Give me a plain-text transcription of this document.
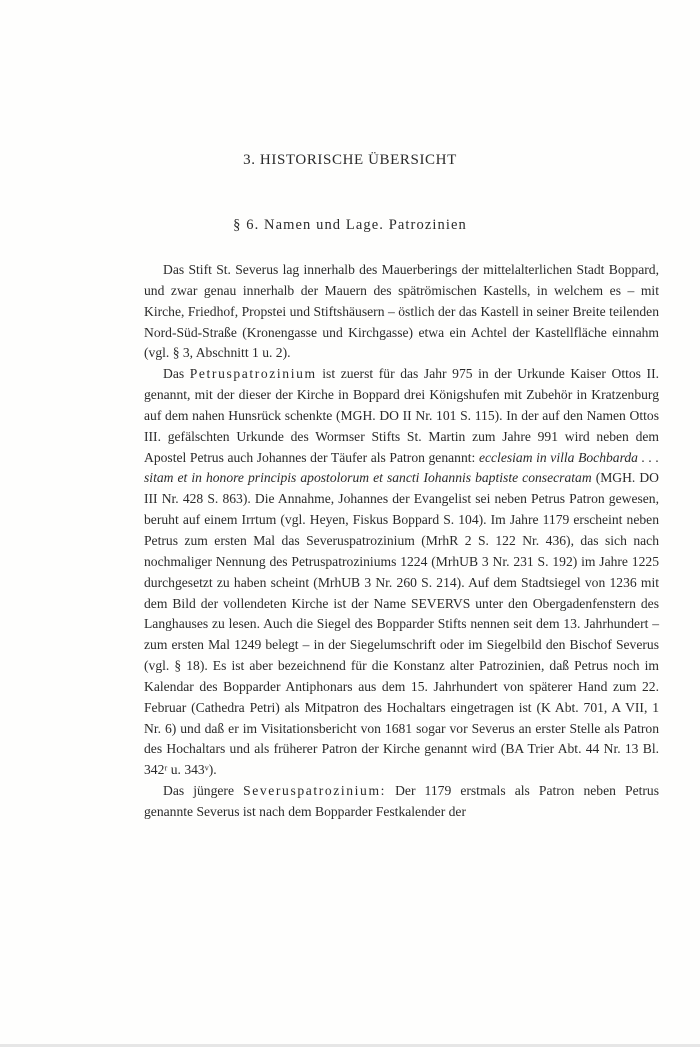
3. HISTORISCHE ÜBERSICHT
§ 6. Namen und Lage. Patrozinien

Das Stift St. Severus lag innerhalb des Mauerberings der mittelalterlichen Stadt Boppard, und zwar genau innerhalb der Mauern des spätrömischen Kastells, in welchem es – mit Kirche, Friedhof, Propstei und Stiftshäusern – östlich der das Kastell in seiner Breite teilenden Nord-Süd-Straße (Kronengasse und Kirchgasse) etwa ein Achtel der Kastellfläche einnahm (vgl. § 3, Abschnitt 1 u. 2).

Das Petruspatrozinium ist zuerst für das Jahr 975 in der Urkunde Kaiser Ottos II. genannt, mit der dieser der Kirche in Boppard drei Königshufen mit Zubehör in Kratzenburg auf dem nahen Hunsrück schenkte (MGH. DO II Nr. 101 S. 115). In der auf den Namen Ottos III. gefälschten Urkunde des Wormser Stifts St. Martin zum Jahre 991 wird neben dem Apostel Petrus auch Johannes der Täufer als Patron genannt: ecclesiam in villa Bochbarda . . . sitam et in honore principis apostolorum et sancti Iohannis baptiste consecratam (MGH. DO III Nr. 428 S. 863). Die Annahme, Johannes der Evangelist sei neben Petrus Patron gewesen, beruht auf einem Irrtum (vgl. Heyen, Fiskus Boppard S. 104). Im Jahre 1179 erscheint neben Petrus zum ersten Mal das Severuspatrozinium (MrhR 2 S. 122 Nr. 436), das sich nach nochmaliger Nennung des Petruspatroziniums 1224 (MrhUB 3 Nr. 231 S. 192) im Jahre 1225 durchgesetzt zu haben scheint (MrhUB 3 Nr. 260 S. 214). Auf dem Stadtsiegel von 1236 mit dem Bild der vollendeten Kirche ist der Name SEVERVS unter den Obergadenfenstern des Langhauses zu lesen. Auch die Siegel des Bopparder Stifts nennen seit dem 13. Jahrhundert – zum ersten Mal 1249 belegt – in der Siegelumschrift oder im Siegelbild den Bischof Severus (vgl. § 18). Es ist aber bezeichnend für die Konstanz alter Patrozinien, daß Petrus noch im Kalendar des Bopparder Antiphonars aus dem 15. Jahrhundert von späterer Hand zum 22. Februar (Cathedra Petri) als Mitpatron des Hochaltars eingetragen ist (K Abt. 701, A VII, 1 Nr. 6) und daß er im Visitationsbericht von 1681 sogar vor Severus an erster Stelle als Patron des Hochaltars und als früherer Patron der Kirche genannt wird (BA Trier Abt. 44 Nr. 13 Bl. 342ʳ u. 343ᵛ).

Das jüngere Severuspatrozinium: Der 1179 erstmals als Patron neben Petrus genannte Severus ist nach dem Bopparder Festkalender der
